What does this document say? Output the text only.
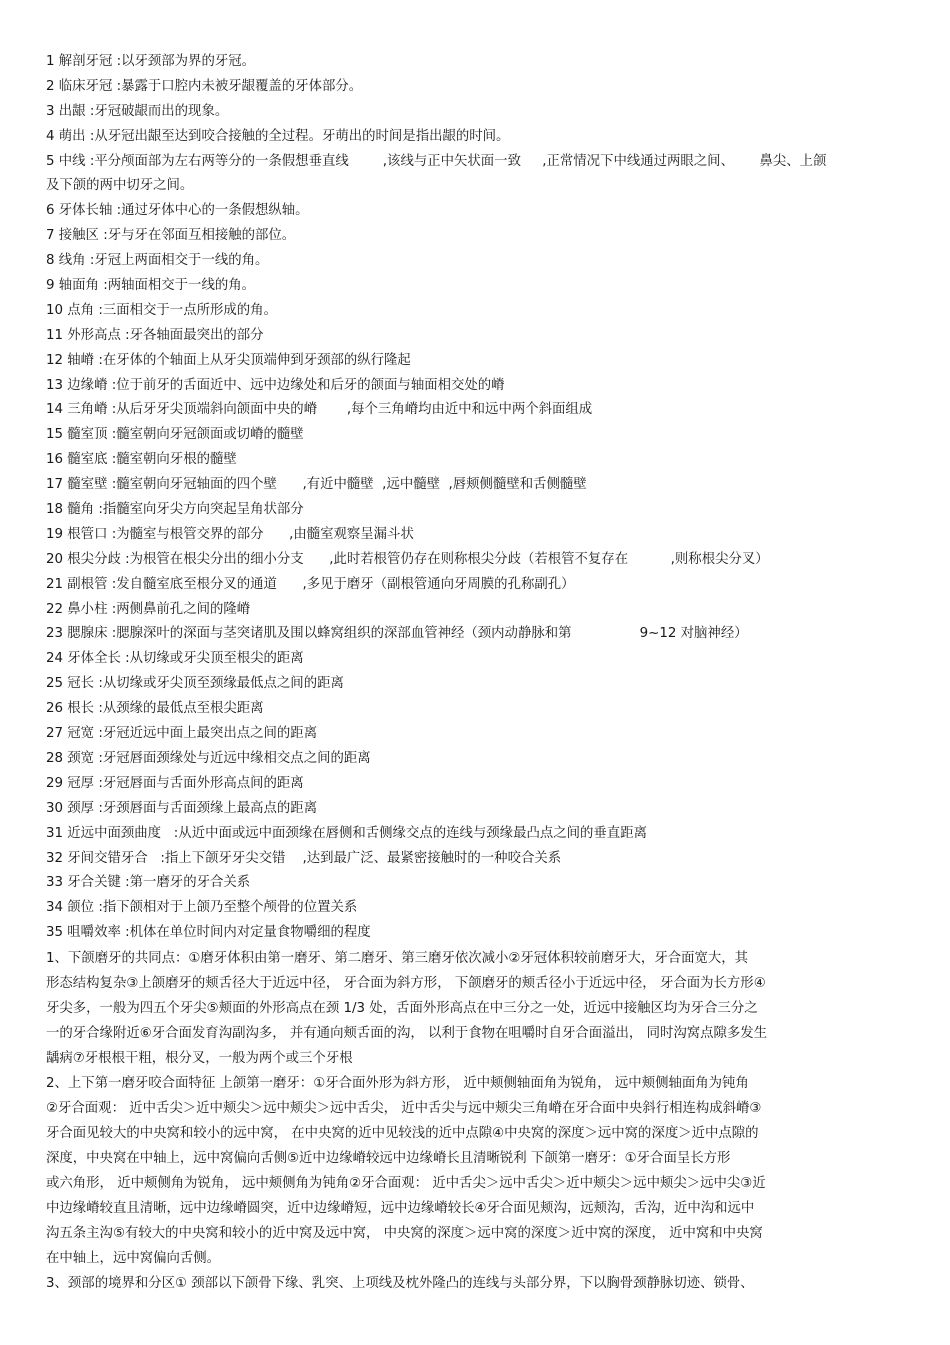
1 解剖牙冠 :以牙颈部为界的牙冠。
2 临床牙冠 :暴露于口腔内未被牙龈覆盖的牙体部分。
3 出龈 :牙冠破龈而出的现象。
4 萌出 :从牙冠出龈至达到咬合接触的全过程。牙萌出的时间是指出龈的时间。
5 中线 :平分颅面部为左右两等分的一条假想垂直线        ,该线与正中矢状面一致     ,正常情况下中线通过两眼之间、      鼻尖、上颌
及下颌的两中切牙之间。
6 牙体长轴 :通过牙体中心的一条假想纵轴。
7 接触区 :牙与牙在邻面互相接触的部位。
8 线角 :牙冠上两面相交于一线的角。
9 轴面角 :两轴面相交于一线的角。
10 点角 :三面相交于一点所形成的角。
11 外形高点 :牙各轴面最突出的部分
12 轴嵴 :在牙体的个轴面上从牙尖顶端伸到牙颈部的纵行隆起
13 边缘嵴 :位于前牙的舌面近中、远中边缘处和后牙的颌面与轴面相交处的嵴
14 三角嵴 :从后牙牙尖顶端斜向颌面中央的嵴       ,每个三角嵴均由近中和远中两个斜面组成
15 髓室顶 :髓室朝向牙冠颌面或切嵴的髓壁
16 髓室底 :髓室朝向牙根的髓壁
17 髓室壁 :髓室朝向牙冠轴面的四个壁      ,有近中髓壁  ,远中髓壁  ,唇颊侧髓壁和舌侧髓壁
18 髓角 :指髓室向牙尖方向突起呈角状部分
19 根管口 :为髓室与根管交界的部分      ,由髓室观察呈漏斗状
20 根尖分歧 :为根管在根尖分出的细小分支      ,此时若根管仍存在则称根尖分歧（若根管不复存在          ,则称根尖分叉）
21 副根管 :发自髓室底至根分叉的通道      ,多见于磨牙（副根管通向牙周膜的孔称副孔）
22 鼻小柱 :两侧鼻前孔之间的隆嵴
23 腮腺床 :腮腺深叶的深面与茎突诸肌及围以蜂窝组织的深部血管神经（颈内动静脉和第                9~12 对脑神经）
24 牙体全长 :从切缘或牙尖顶至根尖的距离
25 冠长 :从切缘或牙尖顶至颈缘最低点之间的距离
26 根长 :从颈缘的最低点至根尖距离
27 冠宽 :牙冠近远中面上最突出点之间的距离
28 颈宽 :牙冠唇面颈缘处与近远中缘相交点之间的距离
29 冠厚 :牙冠唇面与舌面外形高点间的距离
30 颈厚 :牙颈唇面与舌面颈缘上最高点的距离
31 近远中面颈曲度   :从近中面或远中面颈缘在唇侧和舌侧缘交点的连线与颈缘最凸点之间的垂直距离
32 牙间交错牙合   :指上下颌牙牙尖交错    ,达到最广泛、最紧密接触时的一种咬合关系
33 牙合关键 :第一磨牙的牙合关系
34 颌位 :指下颌相对于上颌乃至整个颅骨的位置关系
35 咀嚼效率 :机体在单位时间内对定量食物嚼细的程度
1、下颌磨牙的共同点：①磨牙体积由第一磨牙、第二磨牙、第三磨牙依次减小②牙冠体积较前磨牙大，牙合面宽大，其
形态结构复杂③上颌磨牙的颊舌径大于近远中径， 牙合面为斜方形， 下颌磨牙的颊舌径小于近远中径， 牙合面为长方形④
牙尖多，一般为四五个牙尖⑤颊面的外形高点在颈 1/3 处，舌面外形高点在中三分之一处，近远中接触区均为牙合三分之
一的牙合缘附近⑥牙合面发育沟副沟多， 并有通向颊舌面的沟， 以利于食物在咀嚼时自牙合面溢出， 同时沟窝点隙多发生
龋病⑦牙根根干粗，根分叉，一般为两个或三个牙根
2、上下第一磨牙咬合面特征 上颌第一磨牙：①牙合面外形为斜方形， 近中颊侧轴面角为锐角， 远中颊侧轴面角为钝角
②牙合面观： 近中舌尖＞近中颊尖＞远中颊尖＞远中舌尖， 近中舌尖与远中颊尖三角嵴在牙合面中央斜行相连构成斜嵴③
牙合面见较大的中央窝和较小的远中窝， 在中央窝的近中见较浅的近中点隙④中央窝的深度＞远中窝的深度＞近中点隙的
深度，中央窝在中轴上，远中窝偏向舌侧⑤近中边缘嵴较远中边缘嵴长且清晰锐利 下颌第一磨牙：①牙合面呈长方形
或六角形， 近中颊侧角为锐角， 远中颊侧角为钝角②牙合面观： 近中舌尖＞远中舌尖＞近中颊尖＞远中颊尖＞远中尖③近
中边缘嵴较直且清晰，远中边缘嵴圆突，近中边缘嵴短，远中边缘嵴较长④牙合面见颊沟，远颊沟，舌沟，近中沟和远中
沟五条主沟⑤有较大的中央窝和较小的近中窝及远中窝， 中央窝的深度＞远中窝的深度＞近中窝的深度， 近中窝和中央窝
在中轴上，远中窝偏向舌侧。
3、颈部的境界和分区① 颈部以下颌骨下缘、乳突、上项线及枕外隆凸的连线与头部分界，下以胸骨颈静脉切迹、锁骨、
